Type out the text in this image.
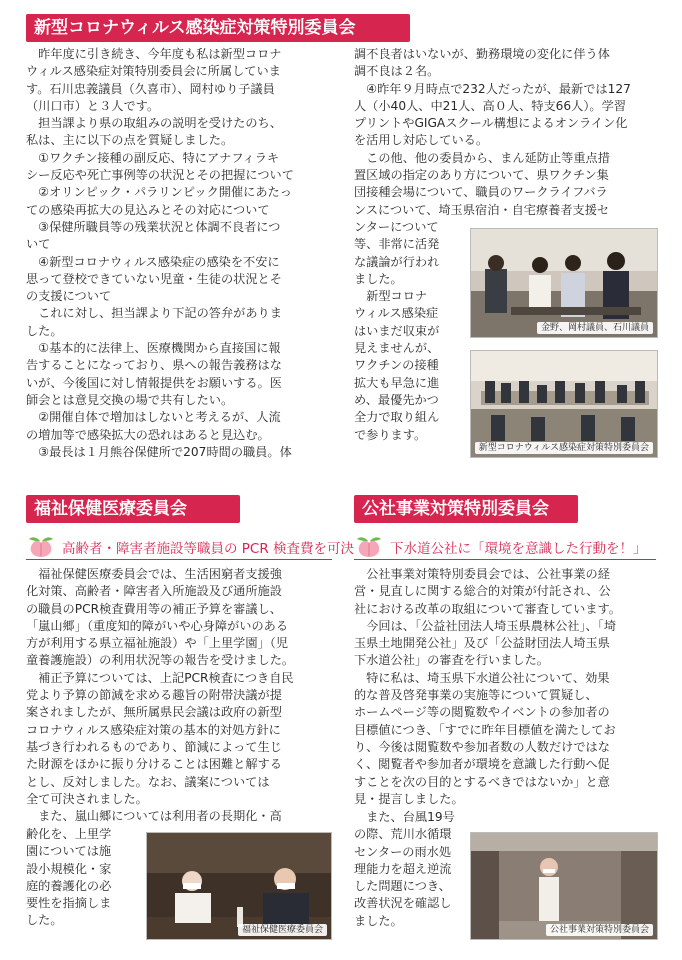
新型コロナウィルス感染症対策特別委員会
　昨年度に引き続き、今年度も私は新型コロナ
ウィルス感染症対策特別委員会に所属していま
す。石川忠義議員（久喜市）、岡村ゆり子議員
（川口市）と３人です。
　担当課より県の取組みの説明を受けたのち、
私は、主に以下の点を質疑しました。
　①ワクチン接種の副反応、特にアナフィラキ
シー反応や死亡事例等の状況とその把握について
　②オリンピック・パラリンピック開催にあたっ
ての感染再拡大の見込みとその対応について
　③保健所職員等の残業状況と体調不良者につ
いて
　④新型コロナウィルス感染症の感染を不安に
思って登校できていない児童・生徒の状況とそ
の支援について
　これに対し、担当課より下記の答弁がありま
した。
　①基本的に法律上、医療機関から直接国に報
告することになっており、県への報告義務はな
いが、今後国に対し情報提供をお願いする。医
師会とは意見交換の場で共有したい。
　②開催自体で増加はしないと考えるが、人流
の増加等で感染拡大の恐れはあると見込む。
　③最長は１月熊谷保健所で207時間の職員。体
調不良者はいないが、勤務環境の変化に伴う体
調不良は２名。
　④昨年９月時点で232人だったが、最新では127
人（小40人、中21人、高０人、特支66人）。学習
プリントやGIGAスクール構想によるオンライン化
を活用し対応している。
　この他、他の委員から、まん延防止等重点措
置区域の指定のあり方について、県ワクチン集
団接種会場について、職員のワークライフバラ
ンスについて、埼玉県宿泊・自宅療養者支援セ
ンターについて
等、非常に活発
な議論が行われ
ました。
　新型コロナ
ウィルス感染症
はいまだ収束が
見えませんが、
ワクチンの接種
拡大も早急に進
め、最優先かつ
全力で取り組ん
で参ります。
金野、岡村議員、石川議員
新型コロナウィルス感染症対策特別委員会
福祉保健医療委員会
高齢者・障害者施設等職員の PCR 検査費を可決
　福祉保健医療委員会では、生活困窮者支援強
化対策、高齢者・障害者入所施設及び通所施設
の職員のPCR検査費用等の補正予算を審議し、
「嵐山郷」（重度知的障がいや心身障がいのある
方が利用する県立福祉施設）や「上里学園」（児
童養護施設）の利用状況等の報告を受けました。
　補正予算については、上記PCR検査につき自民
党より予算の節減を求める趣旨の附帯決議が提
案されましたが、無所属県民会議は政府の新型
コロナウィルス感染症対策の基本的対処方針に
基づき行われるものであり、節減によって生じ
た財源をほかに振り分けることは困難と解する
とし、反対しました。なお、議案については
全て可決されました。
　また、嵐山郷については利用者の長期化・高
齢化を、上里学
園については施
設小規模化・家
庭的養護化の必
要性を指摘しま
した。
福祉保健医療委員会
公社事業対策特別委員会
下水道公社に「環境を意識した行動を！」
　公社事業対策特別委員会では、公社事業の経
営・見直しに関する総合的対策が付託され、公
社における改革の取組について審査しています。
　今回は、「公益社団法人埼玉県農林公社」、「埼
玉県土地開発公社」及び「公益財団法人埼玉県
下水道公社」の審査を行いました。
　特に私は、埼玉県下水道公社について、効果
的な普及啓発事業の実施等について質疑し、
ホームページ等の閲覧数やイベントの参加者の
目標値につき、「すでに昨年目標値を満たしてお
り、今後は閲覧数や参加者数の人数だけではな
く、閲覧者や参加者が環境を意識した行動へ促
すことを次の目的とするべきではないか」と意
見・提言しました。
　また、台風19号
の際、荒川水循環
センターの雨水処
理能力を超え逆流
した問題につき、
改善状況を確認し
ました。
公社事業対策特別委員会
